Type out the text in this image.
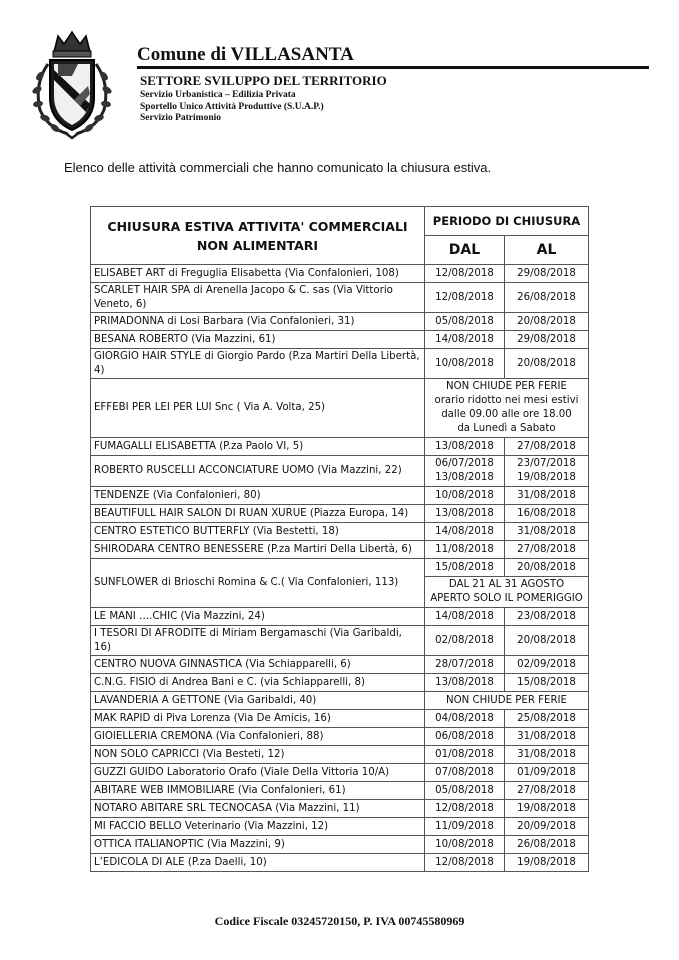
Comune di VILLASANTA
SETTORE SVILUPPO DEL TERRITORIO
Servizio Urbanistica – Edilizia Privata
Sportello Unico Attività Produttive (S.U.A.P.)
Servizio Patrimonio
Elenco delle attività commerciali che hanno comunicato la chiusura estiva.
CHIUSURA ESTIVA ATTIVITA' COMMERCIALI
NON ALIMENTARI
	PERIODO DI CHIUSURA
DAL	AL
ELISABET ART di Freguglia Elisabetta (Via Confalonieri, 108)	12/08/2018	29/08/2018
SCARLET HAIR SPA di Arenella Jacopo & C. sas (Via Vittorio Veneto, 6)	12/08/2018	26/08/2018
PRIMADONNA di Losi Barbara (Via Confalonieri, 31)	05/08/2018	20/08/2018
BESANA ROBERTO (Via Mazzini, 61)	14/08/2018	29/08/2018
GIORGIO HAIR STYLE di Giorgio Pardo (P.za Martiri Della Libertà, 4)	10/08/2018	20/08/2018
EFFEBI PER LEI PER LUI Snc ( Via A. Volta, 25)	
NON CHIUDE PER FERIE
orario ridotto nei mesi estivi
dalle 09.00 alle ore 18.00
da Lunedì a Sabato

FUMAGALLI ELISABETTA (P.za Paolo VI, 5)	13/08/2018	27/08/2018
ROBERTO RUSCELLI ACCONCIATURE UOMO (Via Mazzini, 22)	
06/07/2018
13/08/2018

23/07/2018
19/08/2018

TENDENZE (Via Confalonieri, 80)	10/08/2018	31/08/2018
BEAUTIFULL HAIR SALON DI RUAN XURUE (Piazza Europa, 14)	13/08/2018	16/08/2018
CENTRO ESTETICO BUTTERFLY (Via Bestetti, 18)	14/08/2018	31/08/2018
SHIRODARA CENTRO BENESSERE (P.za Martiri Della Libertà, 6)	11/08/2018	27/08/2018
SUNFLOWER di Brioschi Romina & C.( Via Confalonieri, 113)	15/08/2018	20/08/2018

DAL 21 AL 31 AGOSTO
APERTO SOLO IL POMERIGGIO

LE MANI ….CHIC (Via Mazzini, 24)	14/08/2018	23/08/2018
I TESORI DI AFRODITE di Miriam Bergamaschi (Via Garibaldi, 16)	02/08/2018	20/08/2018
CENTRO NUOVA GINNASTICA (Via Schiapparelli, 6)	28/07/2018	02/09/2018
C.N.G. FISIO di Andrea Bani e C. (via Schiapparelli, 8)	13/08/2018	15/08/2018
LAVANDERIA A GETTONE (Via Garibaldi, 40)	NON CHIUDE PER FERIE

MAK RAPID di Piva Lorenza (Via De Amicis, 16)	04/08/2018	25/08/2018
GIOIELLERIA CREMONA (Via Confalonieri, 88)	06/08/2018	31/08/2018
NON SOLO CAPRICCI (Via Besteti, 12)	01/08/2018	31/08/2018
GUZZI GUIDO Laboratorio Orafo (Viale Della Vittoria 10/A)	07/08/2018	01/09/2018
ABITARE WEB IMMOBILIARE (Via Confalonieri, 61)	05/08/2018	27/08/2018
NOTARO ABITARE SRL TECNOCASA (Via Mazzini, 11)	12/08/2018	19/08/2018
MI FACCIO BELLO Veterinario (Via Mazzini, 12)	11/09/2018	20/09/2018
OTTICA ITALIANOPTIC (Via Mazzini, 9)	10/08/2018	26/08/2018
L’EDICOLA DI ALE (P.za Daelli, 10)	12/08/2018	19/08/2018
Codice Fiscale 03245720150, P. IVA 00745580969
